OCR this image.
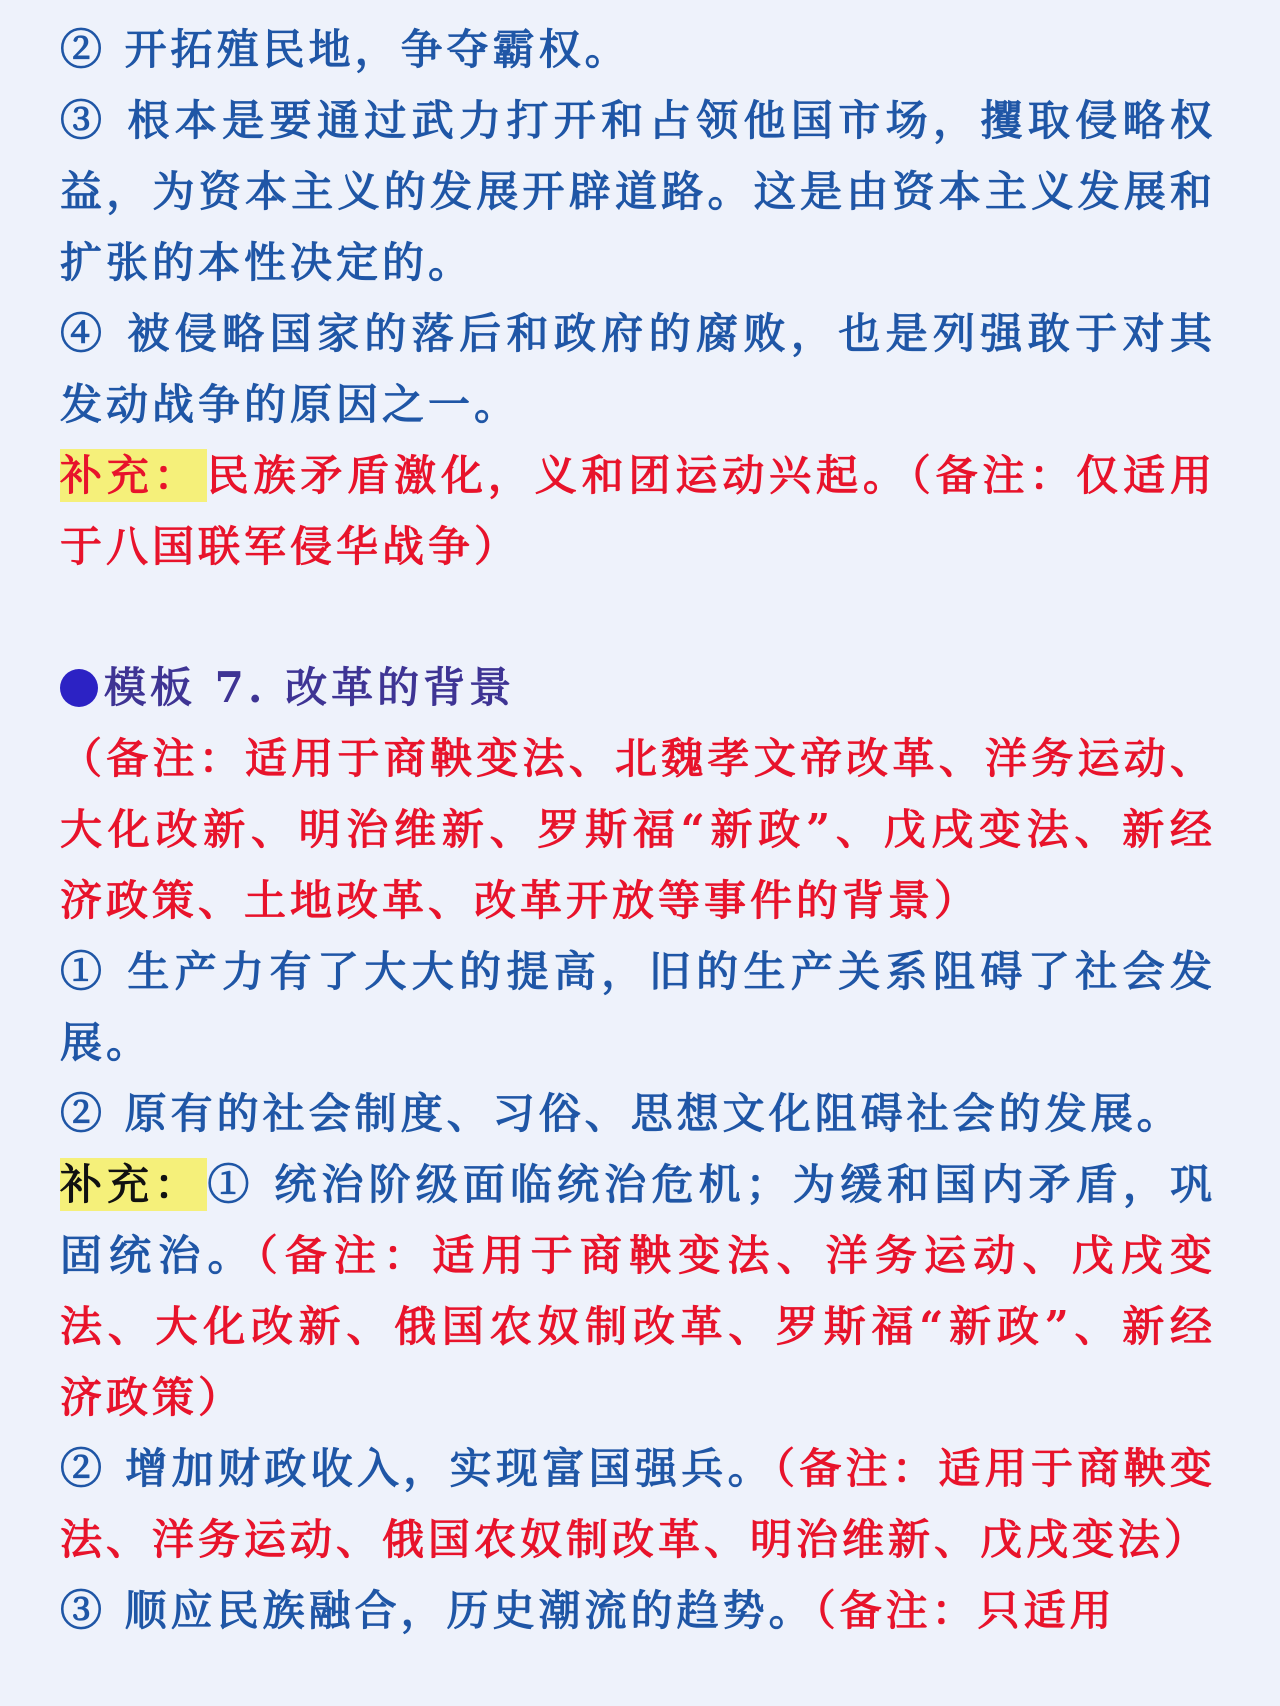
② 开拓殖民地，争夺霸权。

③ 根本是要通过武力打开和占领他国市场，攫取侵略权益，为资本主义的发展开辟道路。这是由资本主义发展和扩张的本性决定的。

④ 被侵略国家的落后和政府的腐败，也是列强敢于对其发动战争的原因之一。

补充： 民族矛盾激化，义和团运动兴起。（备注：仅适用于八国联军侵华战争）

模板 7. 改革的背景

（备注：适用于商鞅变法、北魏孝文帝改革、洋务运动、大化改新、明治维新、罗斯福“新政”、戊戌变法、新经济政策、土地改革、改革开放等事件的背景）

① 生产力有了大大的提高，旧的生产关系阻碍了社会发展。

② 原有的社会制度、习俗、思想文化阻碍社会的发展。

补充： ① 统治阶级面临统治危机；为缓和国内矛盾，巩固统治。（备注：适用于商鞅变法、洋务运动、戊戌变法、大化改新、俄国农奴制改革、罗斯福“新政”、新经济政策）

② 增加财政收入，实现富国强兵。（备注：适用于商鞅变法、洋务运动、俄国农奴制改革、明治维新、戊戌变法）

③ 顺应民族融合，历史潮流的趋势。（备注：只适用
